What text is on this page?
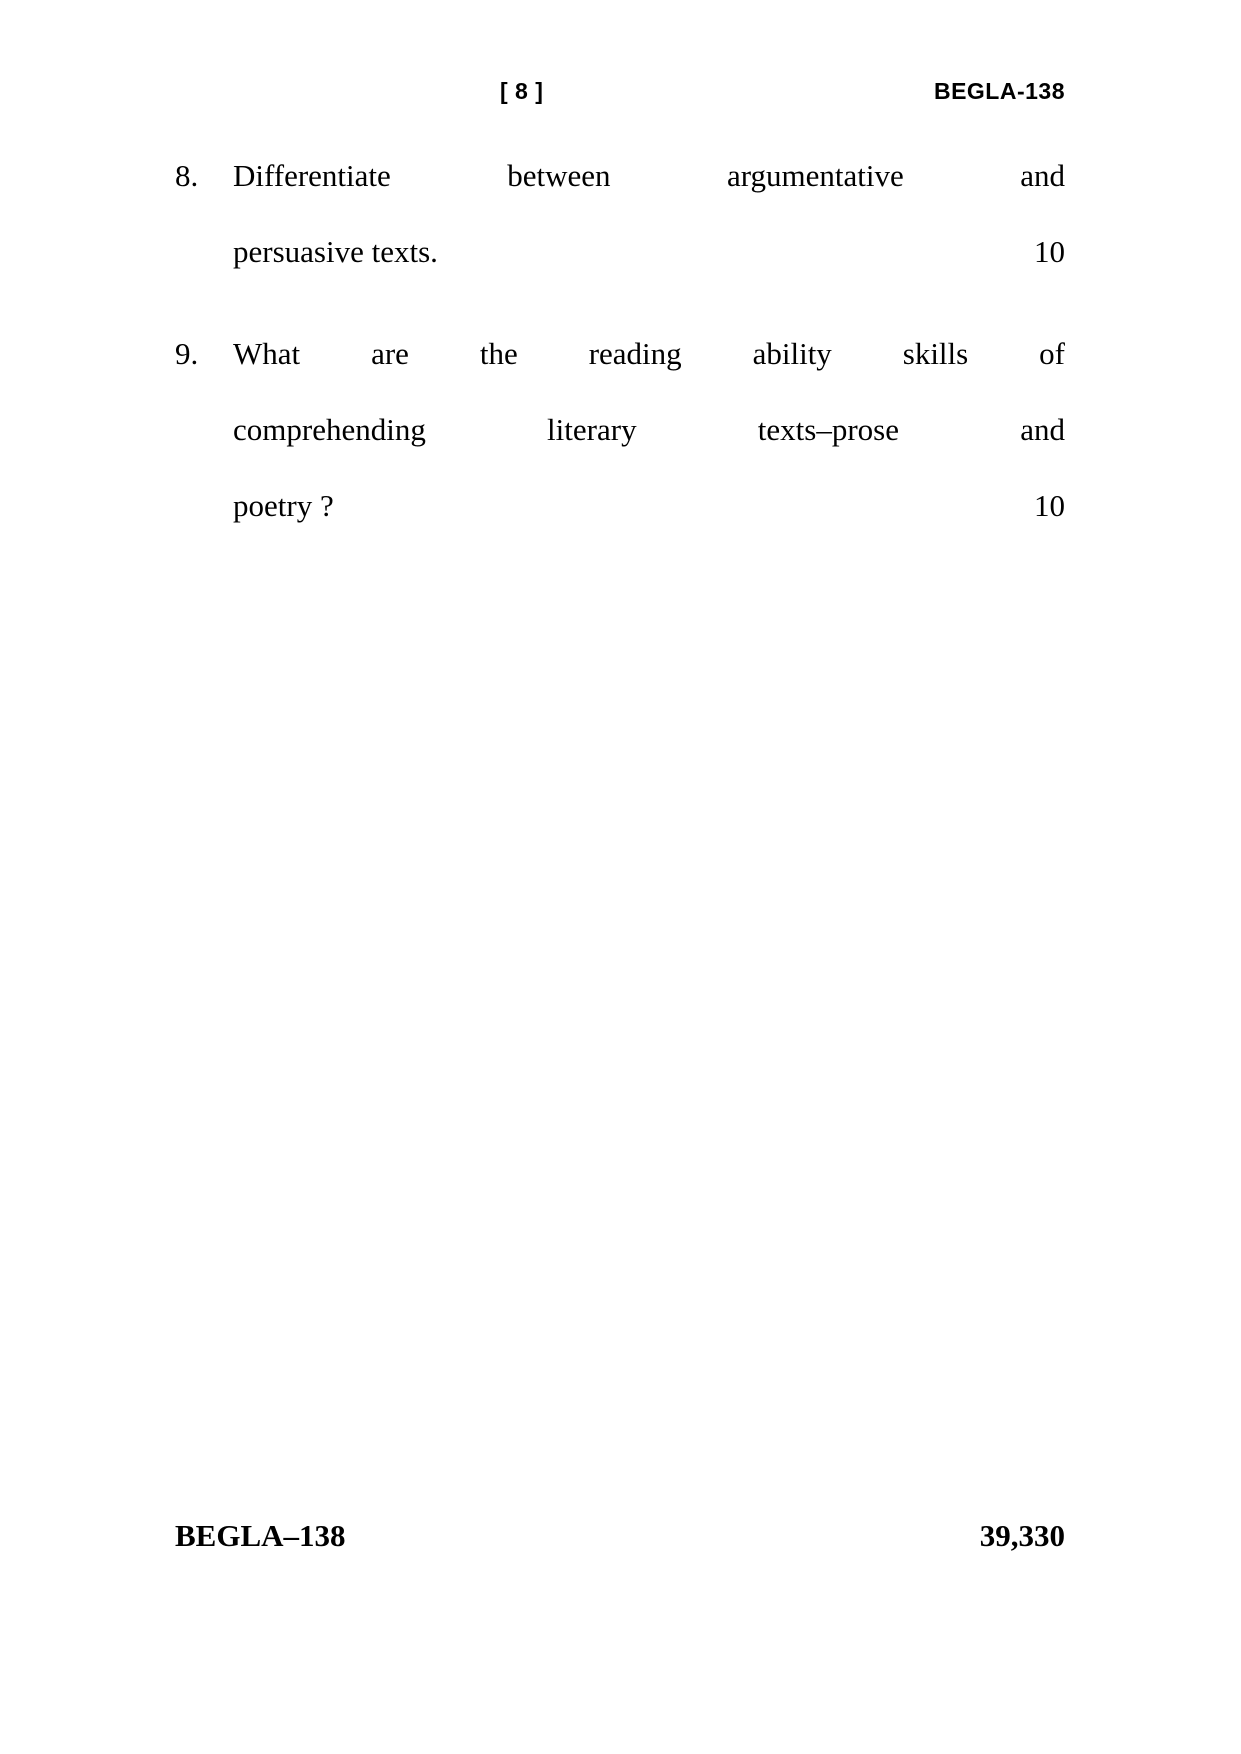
[ 8 ]	BEGLA-138
8.	Differentiate between argumentative and
persuasive texts.	10
9.	What are the reading ability skills of
comprehending literary texts–prose and
poetry ?	10
BEGLA–138	39,330
